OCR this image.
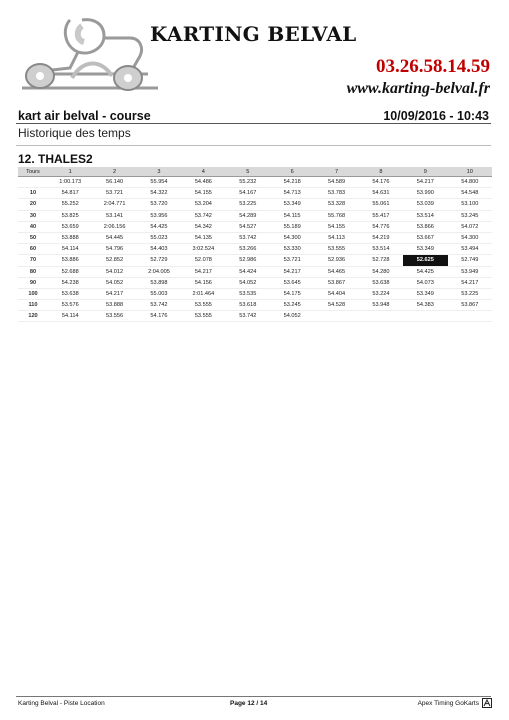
KARTING BELVAL
03.26.58.14.59
www.karting-belval.fr
kart air belval - course	10/09/2016 - 10:43
Historique des temps
12. THALES2
Tours	1	2	3	4	5	6	7	8	9	10
	1:00.173	56.140	55.954	54.486	55.232	54.218	54.589	54.176	54.217	54.800
10	54.817	53.721	54.322	54.155	54.167	54.713	53.783	54.631	53.990	54.548
20	55.252	2:04.771	53.720	53.204	53.225	53.349	53.328	55.061	53.039	53.100
30	53.825	53.141	53.956	53.742	54.289	54.115	55.768	55.417	53.514	53.245
40	53.659	2:06.156	54.425	54.342	54.527	55.189	54.155	54.776	53.866	54.072
50	53.888	54.445	55.023	54.135	53.742	54.300	54.113	54.219	53.667	54.300
60	54.114	54.796	54.403	3:02.524	53.266	53.330	53.555	53.514	53.349	53.494
70	53.886	52.852	52.729	52.078	52.986	53.721	52.936	52.728	52.625	52.749
80	52.688	54.012	2:04.005	54.217	54.424	54.217	54.465	54.280	54.425	53.949
90	54.238	54.052	53.898	54.156	54.052	53.645	53.867	53.638	54.073	54.217
100	53.638	54.217	55.003	2:01.464	53.535	54.175	54.404	53.224	53.349	53.225
110	53.576	53.888	53.742	53.555	53.618	53.245	54.528	53.948	54.383	53.867
120	54.114	53.556	54.176	53.555	53.742	54.052				
Karting Belval - Piste Location	Page 12 / 14	Apex Timing GoKarts
